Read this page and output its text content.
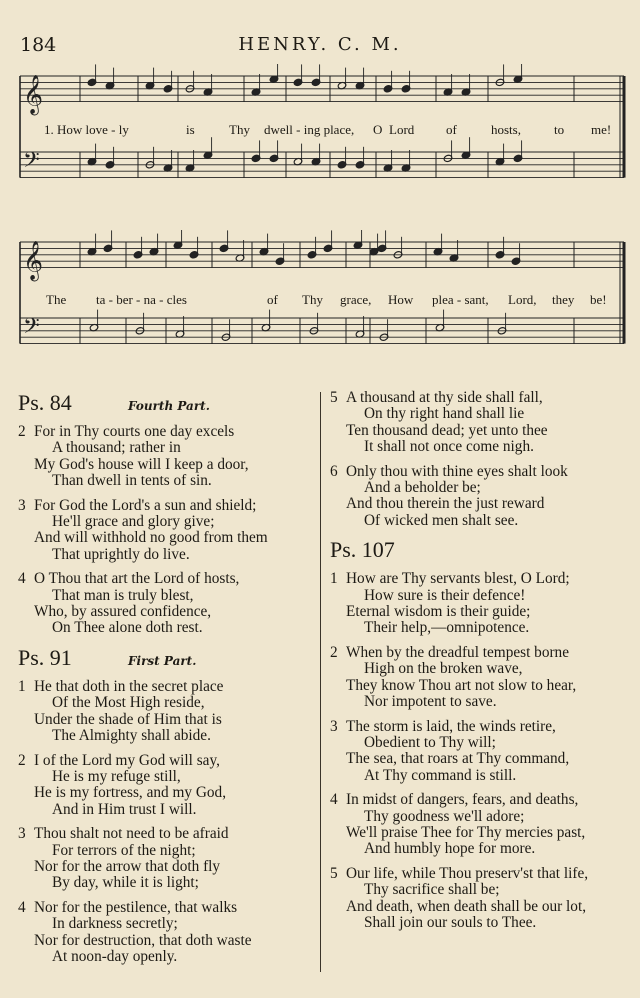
184	HENRY. C. M.
𝄞
𝄢
1. How love - ly	is	Thy dwell - ing place, O Lord of	hosts,	to me!
𝄞
𝄢
The ta - ber - na - cles	of Thy grace, How plea - sant, Lord, they be!
Ps. 84	Fourth Part.
2 For in Thy courts one day excels
A thousand; rather in
My God's house will I keep a door,
Than dwell in tents of sin.
3 For God the Lord's a sun and shield;
He'll grace and glory give;
And will withhold no good from them
That uprightly do live.
4 O Thou that art the Lord of hosts,
That man is truly blest,
Who, by assured confidence,
On Thee alone doth rest.
Ps. 91	First Part.
1 He that doth in the secret place
Of the Most High reside,
Under the shade of Him that is
The Almighty shall abide.
2 I of the Lord my God will say,
He is my refuge still,
He is my fortress, and my God,
And in Him trust I will.
3 Thou shalt not need to be afraid
For terrors of the night;
Nor for the arrow that doth fly
By day, while it is light;
4 Nor for the pestilence, that walks
In darkness secretly;
Nor for destruction, that doth waste
At noon-day openly.
5 A thousand at thy side shall fall,
On thy right hand shall lie
Ten thousand dead; yet unto thee
It shall not once come nigh.
6 Only thou with thine eyes shalt look
And a beholder be;
And thou therein the just reward
Of wicked men shalt see.
Ps. 107
1 How are Thy servants blest, O Lord;
How sure is their defence!
Eternal wisdom is their guide;
Their help,—omnipotence.
2 When by the dreadful tempest borne
High on the broken wave,
They know Thou art not slow to hear,
Nor impotent to save.
3 The storm is laid, the winds retire,
Obedient to Thy will;
The sea, that roars at Thy command,
At Thy command is still.
4 In midst of dangers, fears, and deaths,
Thy goodness we'll adore;
We'll praise Thee for Thy mercies past,
And humbly hope for more.
5 Our life, while Thou preserv'st that life,
Thy sacrifice shall be;
And death, when death shall be our lot,
Shall join our souls to Thee.
